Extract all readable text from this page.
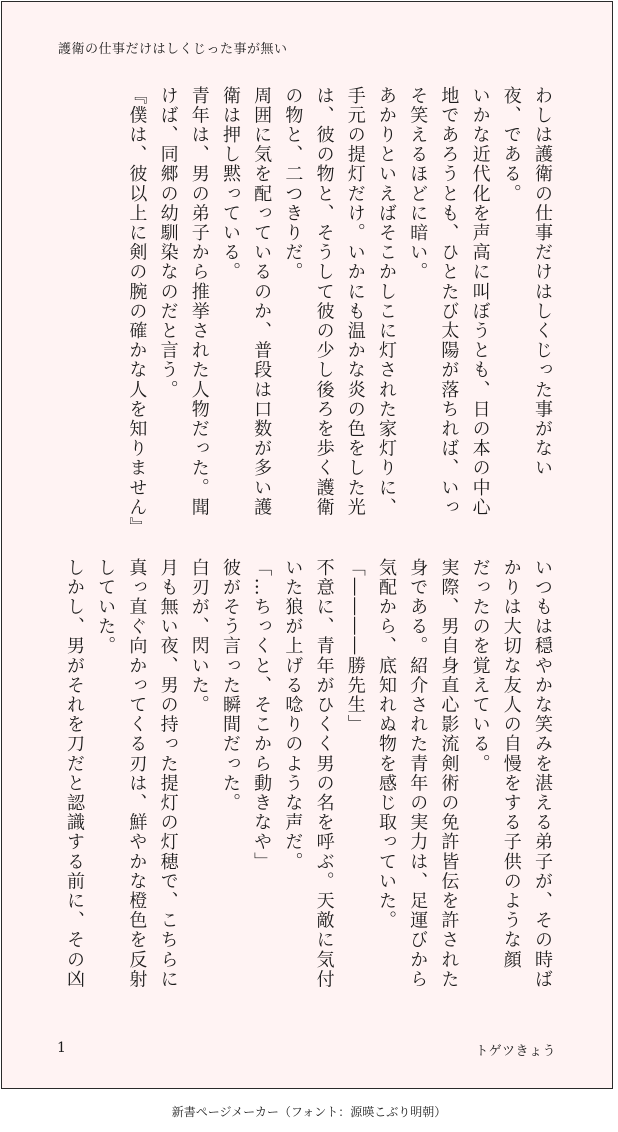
護衛の仕事だけはしくじった事が無い
わしは護衛の仕事だけはしくじった事がない
夜、である。
いかな近代化を声高に叫ぼうとも、日の本の中心
地であろうとも、ひとたび太陽が落ちれば、いっ
そ笑えるほどに暗い。
あかりといえばそこかしこに灯された家灯りに、
手元の提灯だけ。いかにも温かな炎の色をした光
は、彼の物と、そうして彼の少し後ろを歩く護衛
の物と、二つきりだ。
周囲に気を配っているのか、普段は口数が多い護
衛は押し黙っている。
青年は、男の弟子から推挙された人物だった。聞
けば、同郷の幼馴染なのだと言う。
『僕は、彼以上に剣の腕の確かな人を知りません』
いつもは穏やかな笑みを湛える弟子が、その時ば
かりは大切な友人の自慢をする子供のような顔
だったのを覚えている。
実際、男自身直心影流剣術の免許皆伝を許された
身である。紹介された青年の実力は、足運びから
気配から、底知れぬ物を感じ取っていた。
「――――勝先生」
不意に、青年がひくく男の名を呼ぶ。天敵に気付
いた狼が上げる唸りのような声だ。
「…ちっくと、そこから動きなや」
彼がそう言った瞬間だった。
白刃が、閃いた。
月も無い夜、男の持った提灯の灯穂で、こちらに
真っ直ぐ向かってくる刃は、鮮やかな橙色を反射
していた。
しかし、男がそれを刀だと認識する前に、その凶
1	トゲツきょう
新書ページメーカー（フォント：源暎こぶり明朝）
